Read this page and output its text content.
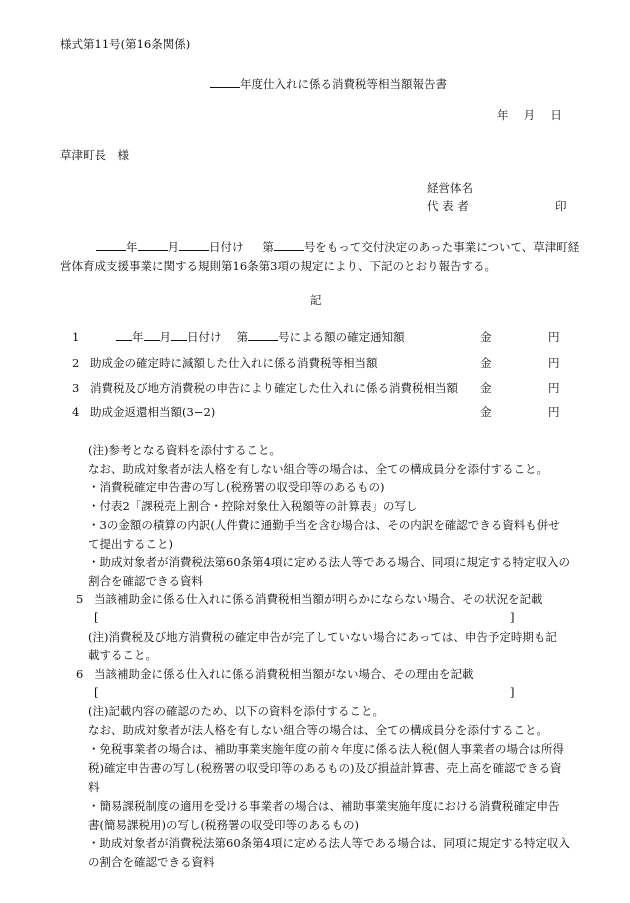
様式第11号(第16条関係)
年度仕入れに係る消費税等相当額報告書
年  月  日
草津町長　様
経営体名
代 表 者	印
年	月	日付け  第	号をもって交付決定のあった事業について、草津町経
営体育成支援事業に関する規則第16条第3項の規定により、下記のとおり報告する。
記
1	年 月 日付け  第	号による額の確定通知額	金	円
2 助成金の確定時に減額した仕入れに係る消費税等相当額	金	円
3 消費税及び地方消費税の申告により確定した仕入れに係る消費税相当額 金	円
4 助成金返還相当額(3−2)	金	円
(注)参考となる資料を添付すること。
なお、助成対象者が法人格を有しない組合等の場合は、全ての構成員分を添付すること。
・消費税確定申告書の写し(税務署の収受印等のあるもの)
・付表2「課税売上割合・控除対象仕入税額等の計算表」の写し
・3の金額の積算の内訳(人件費に通勤手当を含む場合は、その内訳を確認できる資料も併せ
て提出すること)
・助成対象者が消費税法第60条第4項に定める法人等である場合、同項に規定する特定収入の
割合を確認できる資料
5 当該補助金に係る仕入れに係る消費税相当額が明らかにならない場合、その状況を記載
[	]
(注)消費税及び地方消費税の確定申告が完了していない場合にあっては、申告予定時期も記
載すること。
6 当該補助金に係る仕入れに係る消費税相当額がない場合、その理由を記載
[	]
(注)記載内容の確認のため、以下の資料を添付すること。
なお、助成対象者が法人格を有しない組合等の場合は、全ての構成員分を添付すること。
・免税事業者の場合は、補助事業実施年度の前々年度に係る法人税(個人事業者の場合は所得
税)確定申告書の写し(税務署の収受印等のあるもの)及び損益計算書、売上高を確認できる資
料
・簡易課税制度の適用を受ける事業者の場合は、補助事業実施年度における消費税確定申告
書(簡易課税用)の写し(税務署の収受印等のあるもの)
・助成対象者が消費税法第60条第4項に定める法人等である場合は、同項に規定する特定収入
の割合を確認できる資料
